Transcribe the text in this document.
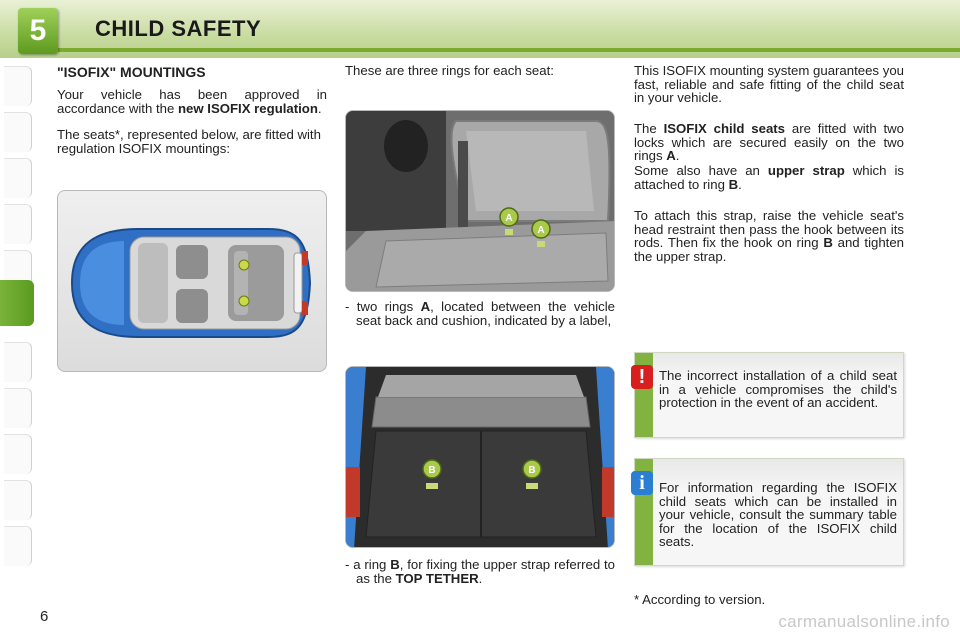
5	CHILD SAFETY
"ISOFIX" MOUNTINGS
Your vehicle has been approved in accordance with the new ISOFIX regulation.
The seats*, represented below, are fitted with regulation ISOFIX mountings:
These are three rings for each seat:
A
A
- two rings A, located between the vehicle seat back and cushion, indicated by a label,
B	B
- a ring B, for fixing the upper strap referred to as the TOP TETHER.
This ISOFIX mounting system guarantees you fast, reliable and safe fitting of the child seat in your vehicle.
The ISOFIX child seats are fitted with two locks which are secured easily on the two rings A.
Some also have an upper strap which is attached to ring B.
To attach this strap, raise the vehicle seat's head restraint then pass the hook between its rods. Then fix the hook on ring B and tighten the upper strap.
!	The incorrect installation of a child seat in a vehicle compromises the child's protection in the event of an accident.
i	For information regarding the ISOFIX child seats which can be installed in your vehicle, consult the summary table for the location of the ISOFIX child seats.
* According to version.
6	carmanualsonline.info
